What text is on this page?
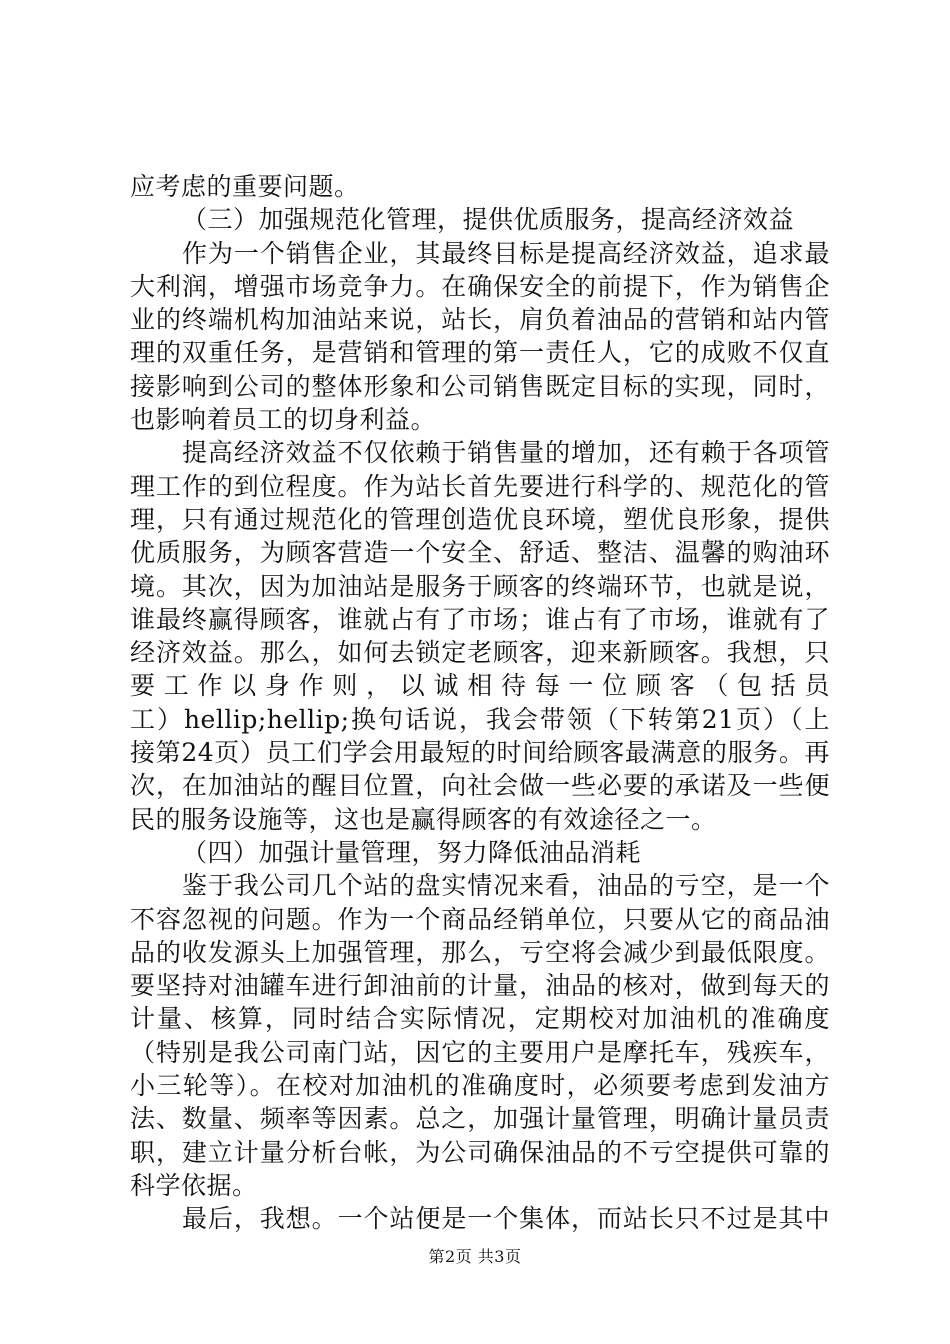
应考虑的重要问题。
（三）加强规范化管理，提供优质服务，提高经济效益
作为一个销售企业，其最终目标是提高经济效益，追求最
大利润，增强市场竞争力。在确保安全的前提下，作为销售企
业的终端机构加油站来说，站长，肩负着油品的营销和站内管
理的双重任务，是营销和管理的第一责任人，它的成败不仅直
接影响到公司的整体形象和公司销售既定目标的实现，同时，
也影响着员工的切身利益。
提高经济效益不仅依赖于销售量的增加，还有赖于各项管
理工作的到位程度。作为站长首先要进行科学的、规范化的管
理，只有通过规范化的管理创造优良环境，塑优良形象，提供
优质服务，为顾客营造一个安全、舒适、整洁、温馨的购油环
境。其次，因为加油站是服务于顾客的终端环节，也就是说，
谁最终赢得顾客，谁就占有了市场；谁占有了市场，谁就有了
经济效益。那么，如何去锁定老顾客，迎来新顾客。我想，只
要工作以身作则，以诚相待每一位顾客（包括员
工）hellip;hellip;换句话说，我会带领（下转第21页）（上
接第24页）员工们学会用最短的时间给顾客最满意的服务。再
次，在加油站的醒目位置，向社会做一些必要的承诺及一些便
民的服务设施等，这也是赢得顾客的有效途径之一。
（四）加强计量管理，努力降低油品消耗
鉴于我公司几个站的盘实情况来看，油品的亏空，是一个
不容忽视的问题。作为一个商品经销单位，只要从它的商品油
品的收发源头上加强管理，那么，亏空将会减少到最低限度。
要坚持对油罐车进行卸油前的计量，油品的核对，做到每天的
计量、核算，同时结合实际情况，定期校对加油机的准确度
（特别是我公司南门站，因它的主要用户是摩托车，残疾车，
小三轮等）。在校对加油机的准确度时，必须要考虑到发油方
法、数量、频率等因素。总之，加强计量管理，明确计量员责
职，建立计量分析台帐，为公司确保油品的不亏空提供可靠的
科学依据。
最后，我想。一个站便是一个集体，而站长只不过是其中
第2页 共3页
